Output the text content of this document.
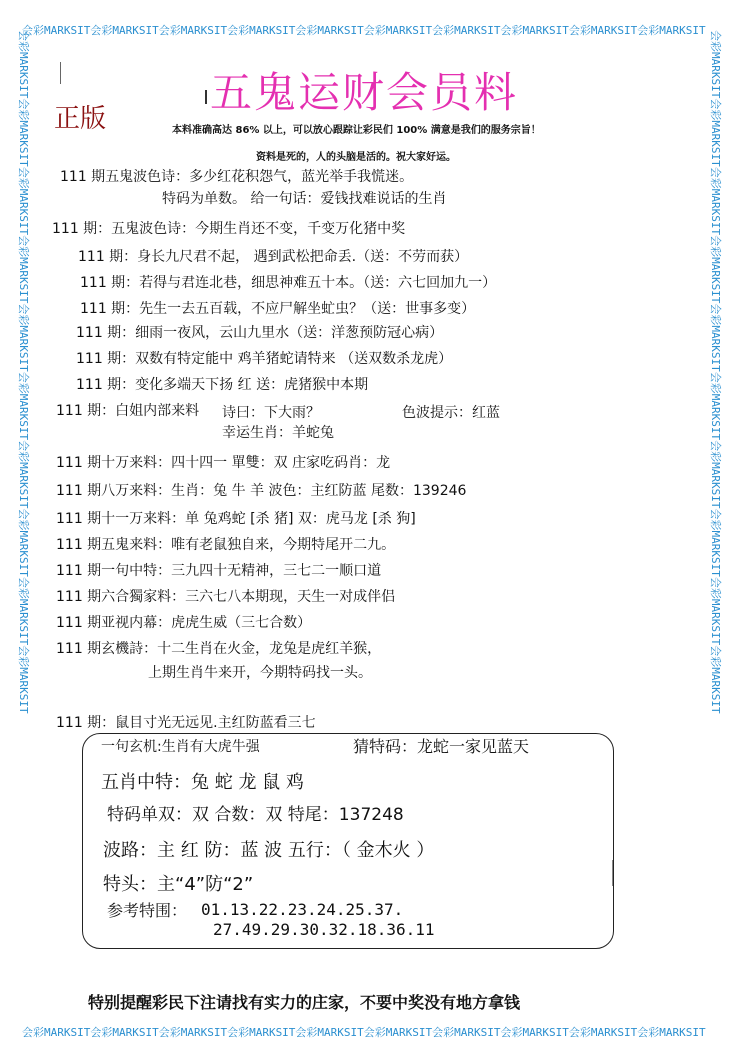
会彩MARKSIT会彩MARKSIT会彩MARKSIT会彩MARKSIT会彩MARKSIT会彩MARKSIT会彩MARKSIT会彩MARKSIT会彩MARKSIT会彩MARKSIT
会彩MARKSIT会彩MARKSIT会彩MARKSIT会彩MARKSIT会彩MARKSIT会彩MARKSIT会彩MARKSIT会彩MARKSIT会彩MARKSIT会彩MARKSIT
会彩MARKSIT会彩MARKSIT会彩MARKSIT会彩MARKSIT会彩MARKSIT会彩MARKSIT会彩MARKSIT会彩MARKSIT会彩MARKSIT会彩MARKSIT	会彩MARKSIT会彩MARKSIT会彩MARKSIT会彩MARKSIT会彩MARKSIT会彩MARKSIT会彩MARKSIT会彩MARKSIT会彩MARKSIT会彩MARKSIT
五鬼运财会员料
正版	本料准确高达 86% 以上，可以放心跟踪让彩民们 100% 满意是我们的服务宗旨！
资料是死的，人的头脑是活的。祝大家好运。
111 期五鬼波色诗：多少红花积怨气，蓝光举手我慌迷。
特码为单数。 给一句话：爱钱找难说话的生肖
111 期：五鬼波色诗：今期生肖还不变，千变万化猪中奖
111 期：身长九尺君不起， 遇到武松把命丢.（送：不劳而获）
111 期：若得与君连北巷，细思神难五十本。（送：六七回加九一）
111 期：先生一去五百载，不应尸解坐虻虫？（送：世事多变）
111 期：细雨一夜风，云山九里水（送：洋葱预防冠心病）
111 期：双数有特定能中 鸡羊猪蛇请特来 （送双数杀龙虎）
111 期：变化多端天下扬 红 送：虎猪猴中本期
111 期：白姐内部来料 诗曰：下大雨？	色波提示：红蓝
幸运生肖：羊蛇兔
111 期十万来料：四十四一 單雙：双 庄家吃码肖：龙
111 期八万来料：生肖：兔 牛 羊 波色：主红防蓝 尾数：139246
111 期十一万来料：单 兔鸡蛇 [杀 猪] 双：虎马龙 [杀 狗]
111 期五鬼来料：唯有老鼠独自来，今期特尾开二九。
111 期一句中特：三九四十无精神，三七二一顺口道
111 期六合獨家料：三六七八本期现，天生一对成伴侣
111 期亚视内幕：虎虎生威（三七合数）
111 期玄機詩：十二生肖在火金，龙兔是虎红羊猴，
上期生肖牛来开，今期特码找一头。
111 期：鼠目寸光无远见.主红防蓝看三七
一句玄机:生肖有大虎牛强	猜特码：龙蛇一家见蓝天
五肖中特：兔 蛇 龙 鼠 鸡
特码单双：双 合数：双 特尾：137248
波路：主 红 防：蓝 波 五行：（ 金木火 ）
特头：主“4”防“2”
参考特围： 01.13.22.23.24.25.37.
27.49.29.30.32.18.36.11
特别提醒彩民下注请找有实力的庄家，不要中奖没有地方拿钱
